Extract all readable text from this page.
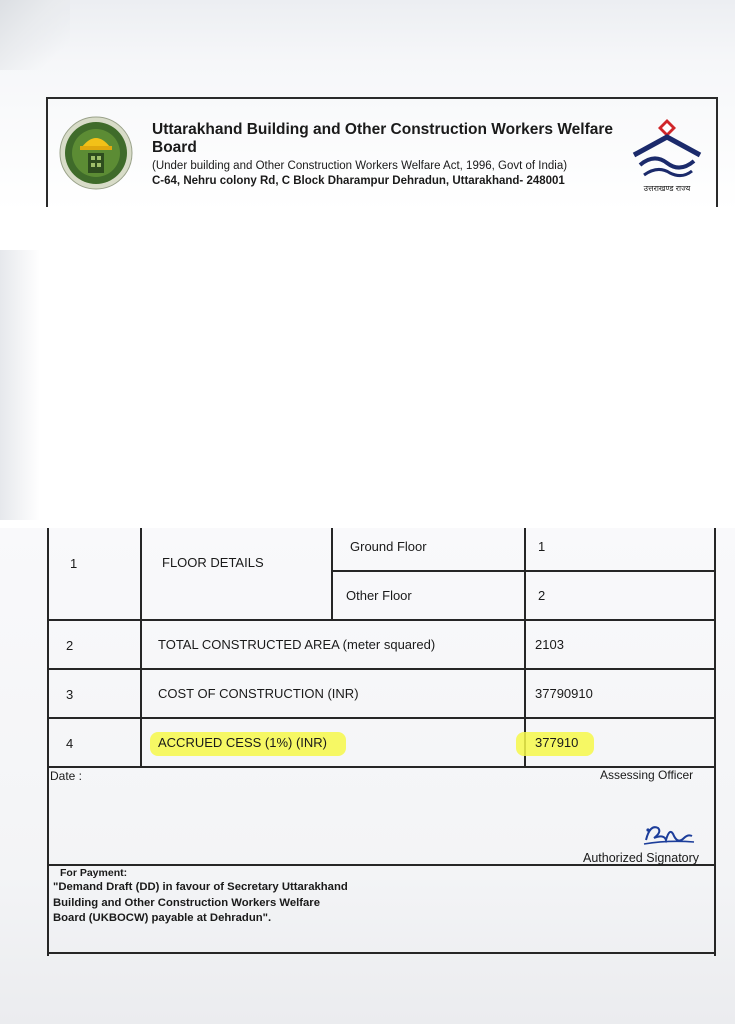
Uttarakhand Building and Other Construction Workers Welfare Board
(Under building and Other Construction Workers Welfare Act, 1996, Govt of India)
C-64, Nehru colony Rd, C Block Dharampur Dehradun, Uttarakhand- 248001
उत्तराखण्ड राज्य
1	FLOOR DETAILS
Ground Floor	1
Other Floor	2
2	TOTAL CONSTRUCTED AREA (meter squared)	2103
3	COST OF CONSTRUCTION (INR)	37790910
4	ACCRUED CESS (1%) (INR)	377910
Date :	Assessing Officer
Authorized Signatory
For Payment:
"Demand Draft (DD) in favour of Secretary Uttarakhand Building and Other Construction Workers Welfare Board (UKBOCW) payable at Dehradun".
